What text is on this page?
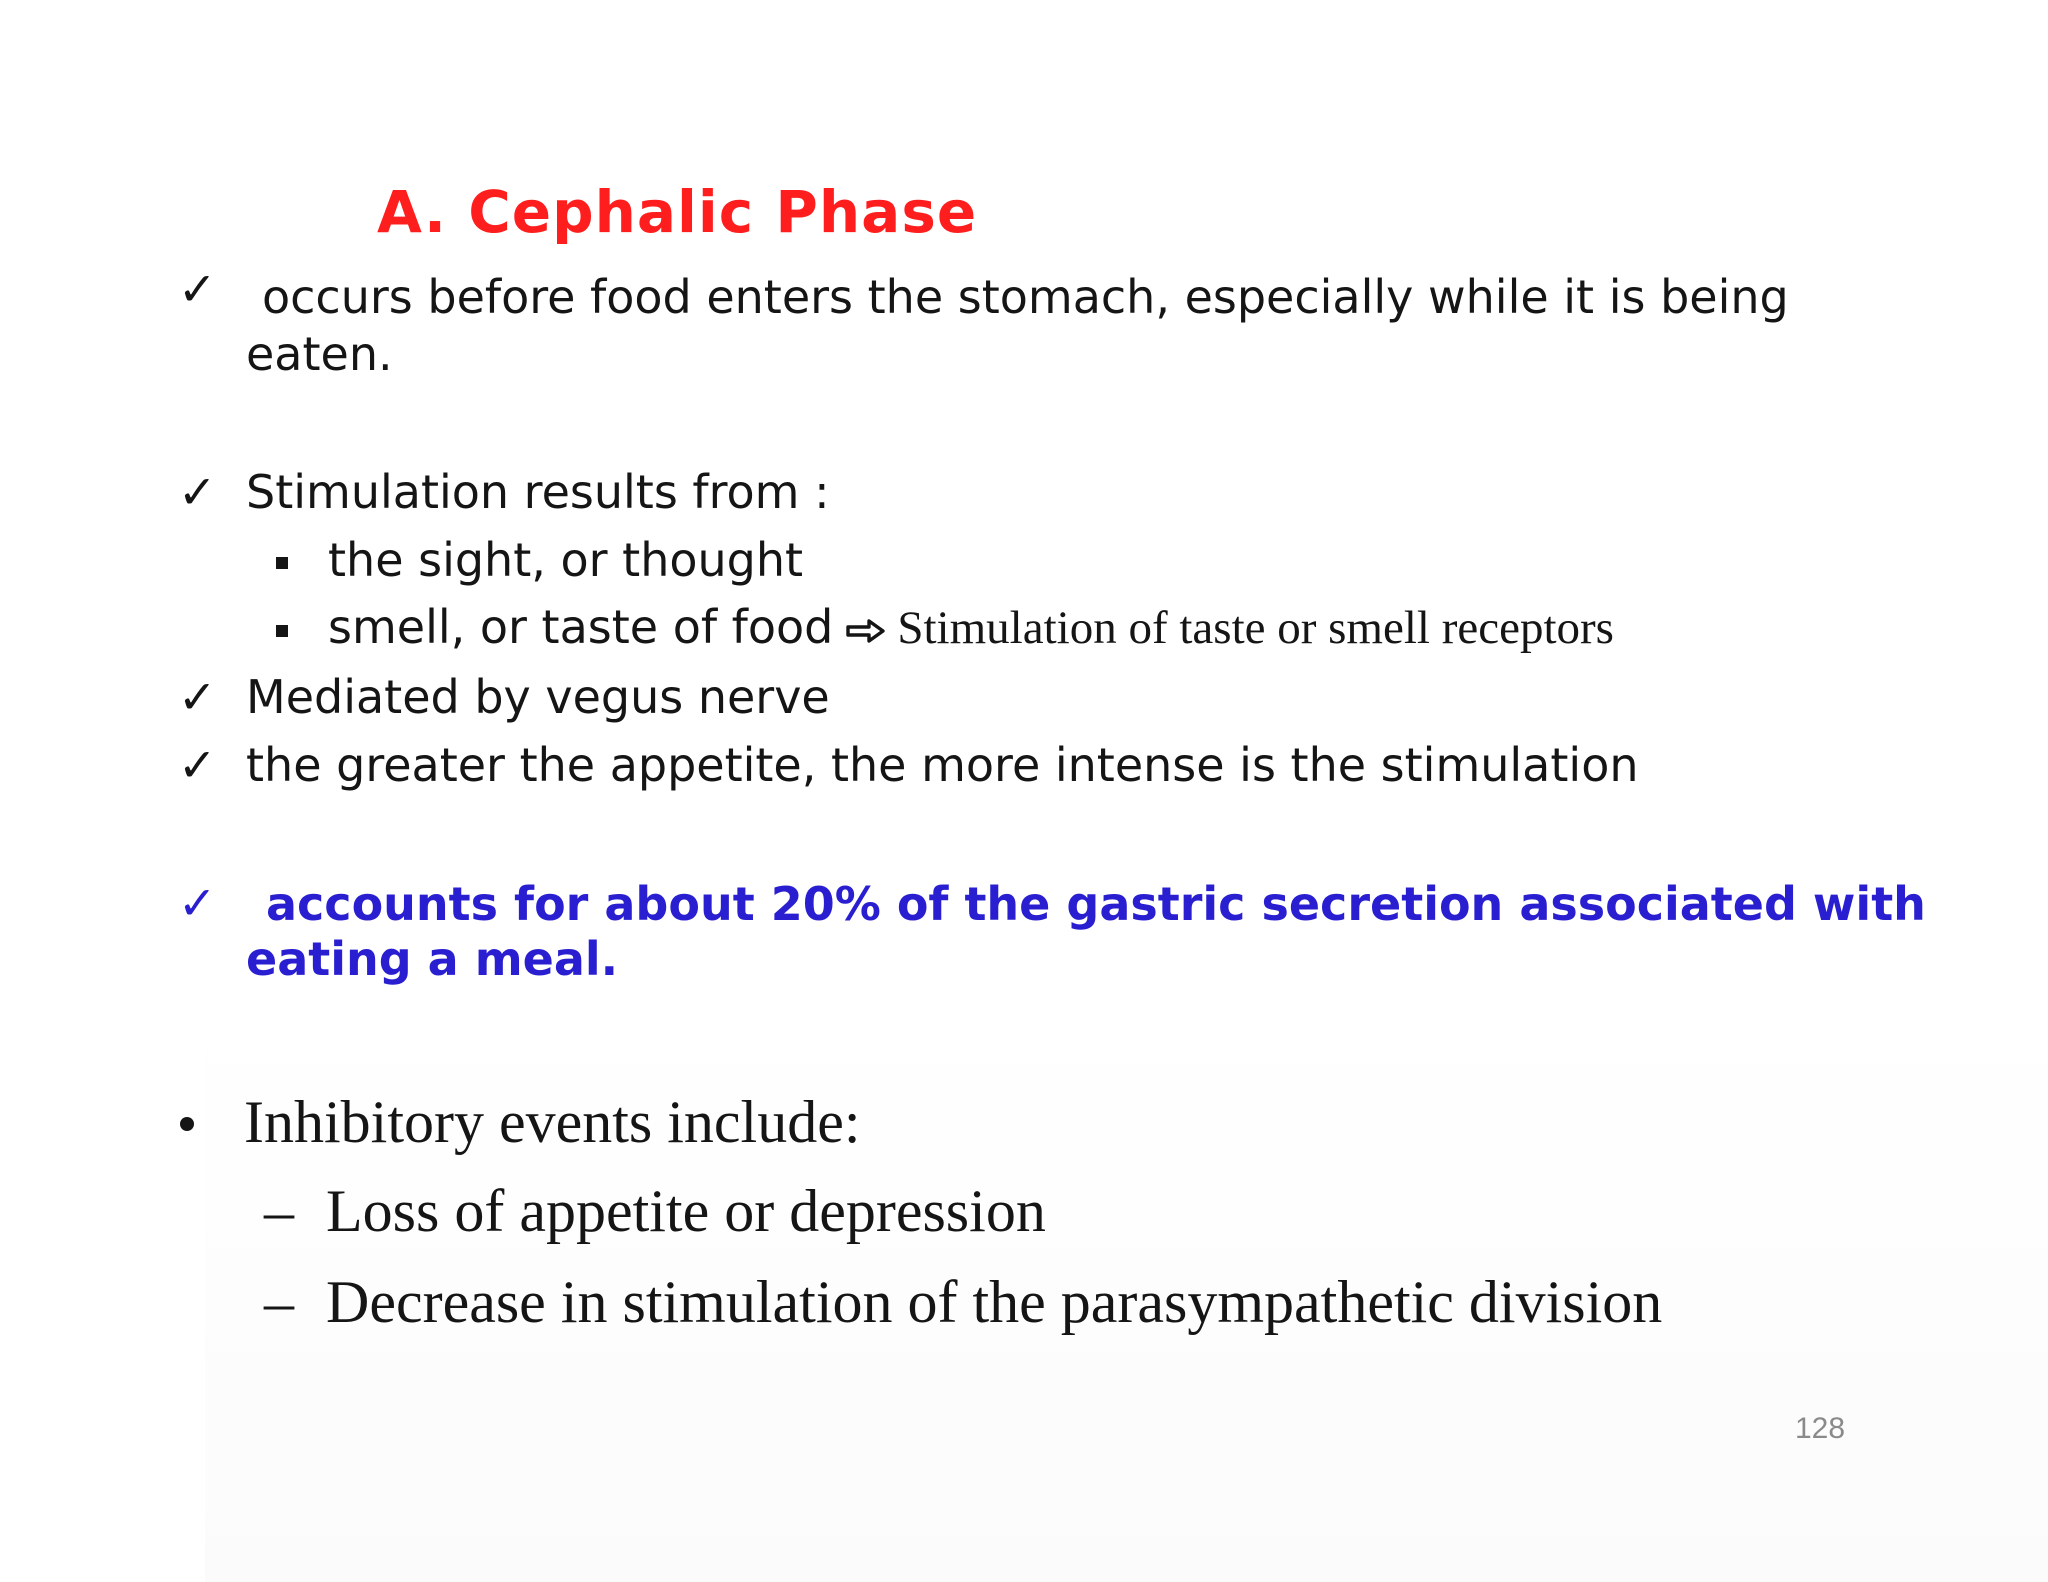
A. Cephalic Phase
✓ occurs before food enters the stomach, especially while it is being
eaten.
✓ Stimulation results from :
the sight, or thought
smell, or taste of food Stimulation of taste or smell receptors
✓ Mediated by vegus nerve
✓ the greater the appetite, the more intense is the stimulation
✓ accounts for about 20% of the gastric secretion associated with
eating a meal.
Inhibitory events include:
– Loss of appetite or depression
– Decrease in stimulation of the parasympathetic division
128
